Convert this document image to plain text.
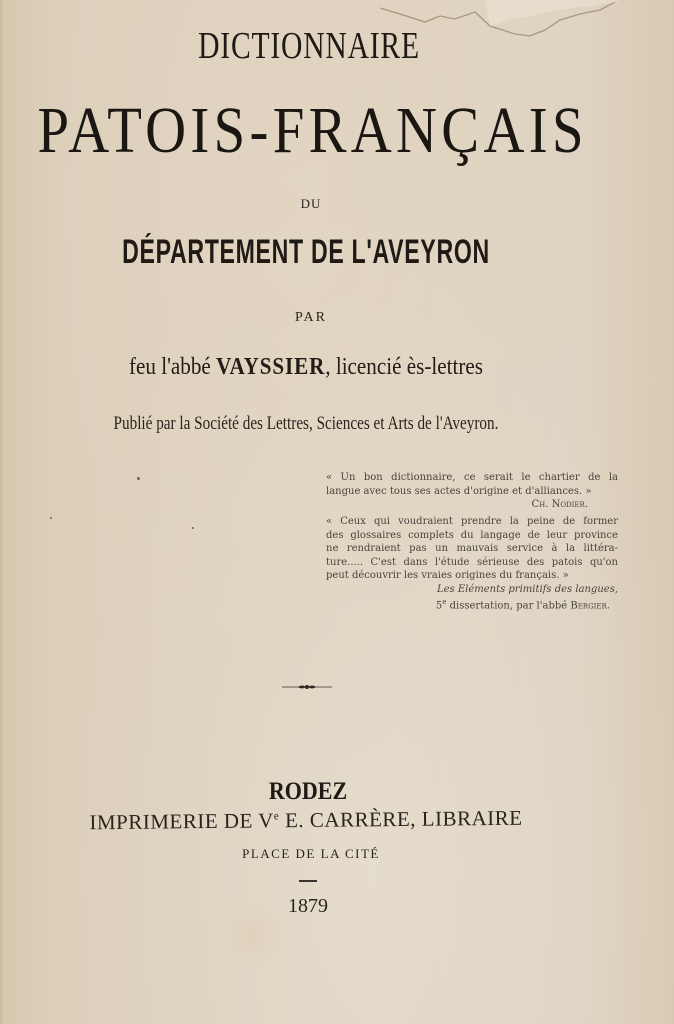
DICTIONNAIRE
PATOIS-FRANÇAIS
DU
DÉPARTEMENT DE L'AVEYRON
PAR
feu l'abbé VAYSSIER, licencié ès-lettres
Publié par la Société des Lettres, Sciences et Arts de l'Aveyron.
« Un bon dictionnaire, ce serait le chartier de la
langue avec tous ses actes d'origine et d'alliances. »
Ch. Nodier.
« Ceux qui voudraient prendre la peine de former
des glossaires complets du langage de leur province
ne rendraient pas un mauvais service à la littéra-
ture..... C'est dans l'étude sérieuse des patois qu'on
peut découvrir les vraies origines du français. »
Les Eléments primitifs des langues,
5e dissertation, par l'abbé Bergier.
RODEZ
IMPRIMERIE DE Ve E. CARRÈRE, LIBRAIRE
PLACE DE LA CITÉ
1879
